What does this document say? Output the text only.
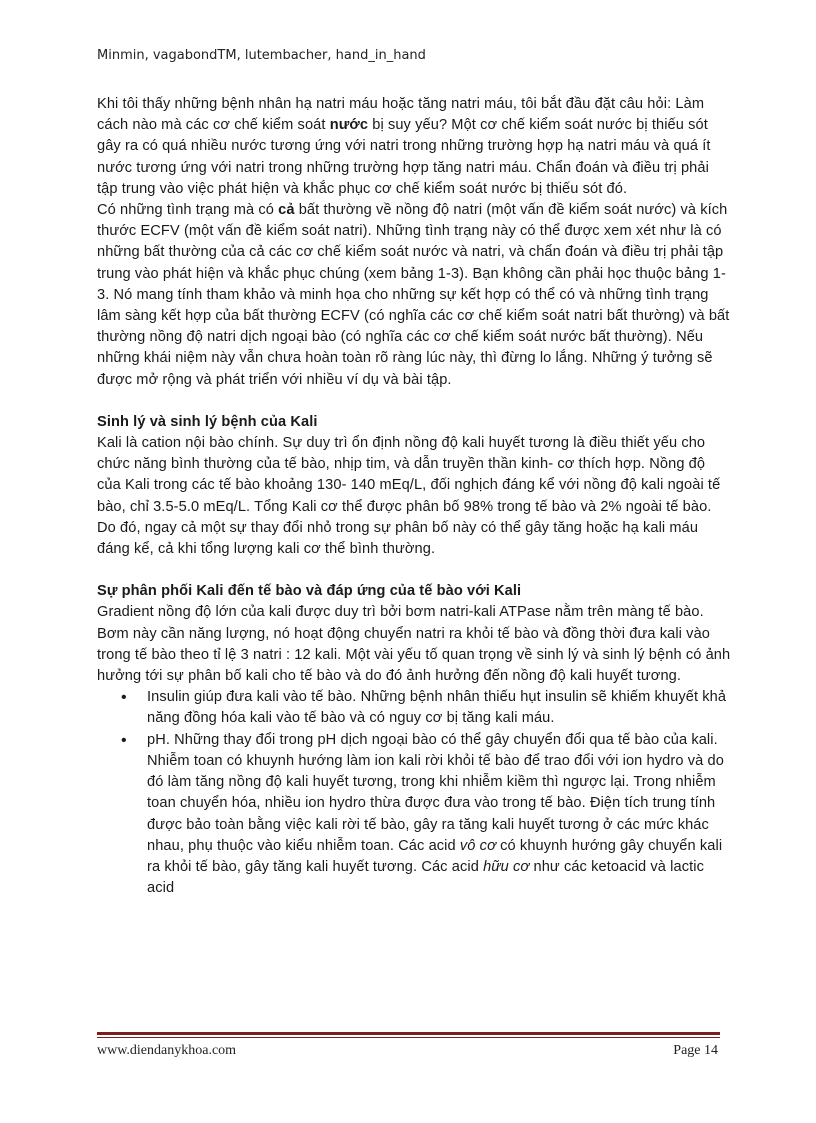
Minmin, vagabondTM, lutembacher, hand_in_hand

Khi tôi thấy những bệnh nhân hạ natri máu hoặc tăng natri máu, tôi bắt đầu đặt câu hỏi: Làm cách nào mà các cơ chế kiểm soát nước bị suy yếu? Một cơ chế kiểm soát nước bị thiếu sót gây ra có quá nhiều nước tương ứng với natri trong những trường hợp hạ natri máu và quá ít nước tương ứng với natri trong những trường hợp tăng natri máu. Chẩn đoán và điều trị phải tập trung vào việc phát hiện và khắc phục cơ chế kiểm soát nước bị thiếu sót đó.

Có những tình trạng mà có cả bất thường về nồng độ natri (một vấn đề kiểm soát nước) và kích thước ECFV (một vấn đề kiểm soát natri). Những tình trạng này có thể được xem xét như là có những bất thường của cả các cơ chế kiểm soát nước và natri, và chẩn đoán và điều trị phải tập trung vào phát hiện và khắc phục chúng (xem bảng 1-3). Bạn không cần phải học thuộc bảng 1-3. Nó mang tính tham khảo và minh họa cho những sự kết hợp có thể có và những tình trạng lâm sàng kết hợp của bất thường ECFV (có nghĩa các cơ chế kiểm soát natri bất thường) và bất thường nồng độ natri dịch ngoại bào (có nghĩa các cơ chế kiểm soát nước bất thường). Nếu những khái niệm này vẫn chưa hoàn toàn rõ ràng lúc này, thì đừng lo lắng. Những ý tưởng sẽ được mở rộng và phát triển với nhiều ví dụ và bài tập.

Sinh lý và sinh lý bệnh của Kali

Kali là cation nội bào chính. Sự duy trì ổn định nồng độ kali huyết tương là điều thiết yếu cho chức năng bình thường của tế bào, nhịp tim, và dẫn truyền thần kinh- cơ thích hợp. Nồng độ của Kali trong các tế bào khoảng 130- 140 mEq/L, đối nghịch đáng kể với nồng độ kali ngoài tế bào, chỉ 3.5-5.0 mEq/L. Tổng Kali cơ thể được phân bố 98% trong tế bào và 2% ngoài tế bào. Do đó, ngay cả một sự thay đổi nhỏ trong sự phân bố này có thể gây tăng hoặc hạ kali máu đáng kể, cả khi tổng lượng kali cơ thể bình thường.

Sự phân phối Kali đến tế bào và đáp ứng của tế bào với Kali

Gradient nồng độ lớn của kali được duy trì bởi bơm natri-kali ATPase nằm trên màng tế bào. Bơm này cần năng lượng, nó hoạt động chuyển natri ra khỏi tế bào và đồng thời đưa kali vào trong tế bào theo tỉ lệ 3 natri : 12 kali. Một vài yếu tố quan trọng về sinh lý và sinh lý bệnh có ảnh hưởng tới sự phân bố kali cho tế bào và do đó ảnh hưởng đến nồng độ kali huyết tương.

• Insulin giúp đưa kali vào tế bào. Những bệnh nhân thiếu hụt insulin sẽ khiếm khuyết khả năng đồng hóa kali vào tế bào và có nguy cơ bị tăng kali máu.
• pH. Những thay đổi trong pH dịch ngoại bào có thể gây chuyển đổi qua tế bào của kali. Nhiễm toan có khuynh hướng làm ion kali rời khỏi tế bào để trao đổi với ion hydro và do đó làm tăng nồng độ kali huyết tương, trong khi nhiễm kiềm thì ngược lại. Trong nhiễm toan chuyển hóa, nhiều ion hydro thừa được đưa vào trong tế bào. Điện tích trung tính được bảo toàn bằng việc kali rời tế bào, gây ra tăng kali huyết tương ở các mức khác nhau, phụ thuộc vào kiểu nhiễm toan. Các acid vô cơ có khuynh hướng gây chuyển kali ra khỏi tế bào, gây tăng kali huyết tương. Các acid hữu cơ như các ketoacid và lactic acid
www.diendanykhoa.com	Page 14
